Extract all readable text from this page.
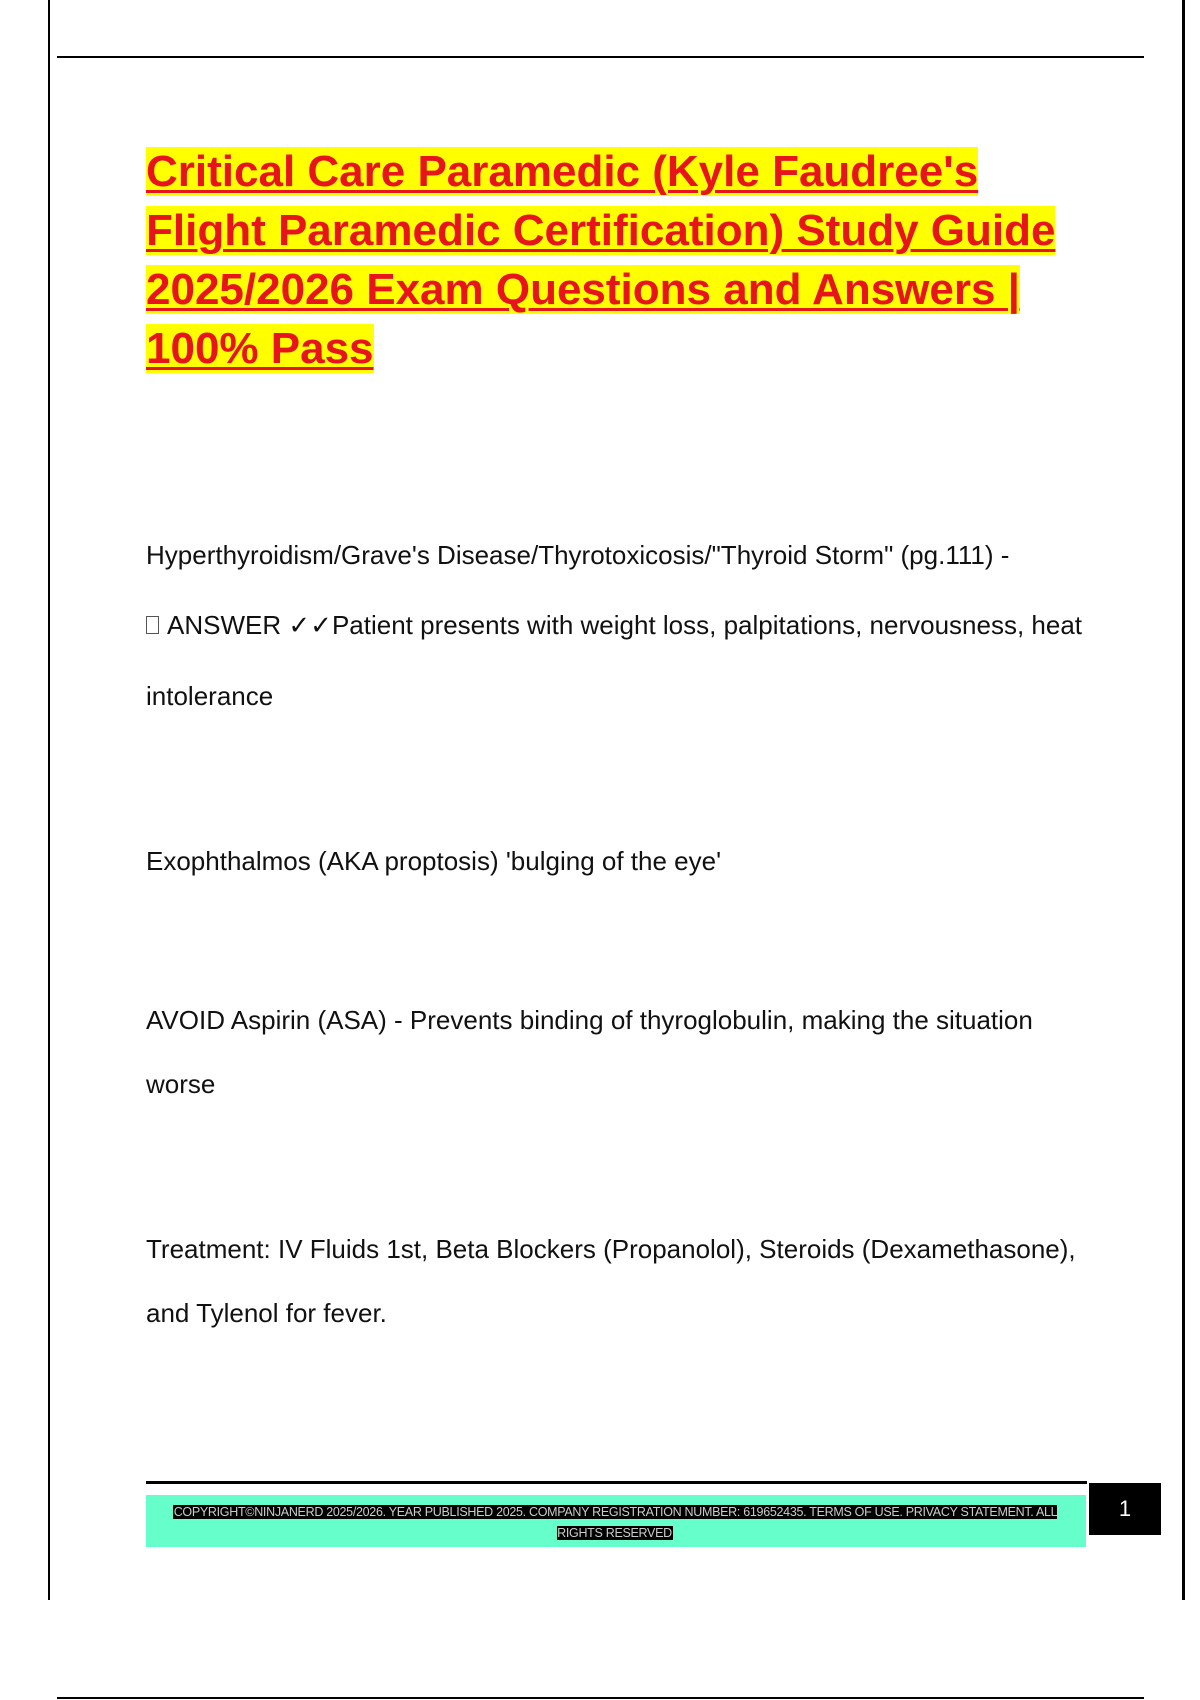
Critical Care Paramedic (Kyle Faudree's Flight Paramedic Certification) Study Guide 2025/2026 Exam Questions and Answers | 100% Pass

Hyperthyroidism/Grave's Disease/Thyrotoxicosis/"Thyroid Storm" (pg.111) -
ANSWER ✓✓Patient presents with weight loss, palpitations, nervousness, heat intolerance

Exophthalmos (AKA proptosis) 'bulging of the eye'

AVOID Aspirin (ASA) - Prevents binding of thyroglobulin, making the situation worse

Treatment: IV Fluids 1st, Beta Blockers (Propanolol), Steroids (Dexamethasone), and Tylenol for fever.

COPYRIGHT©NINJANERD 2025/2026. YEAR PUBLISHED 2025. COMPANY REGISTRATION NUMBER: 619652435. TERMS OF USE. PRIVACY STATEMENT. ALL RIGHTS RESERVED
1
